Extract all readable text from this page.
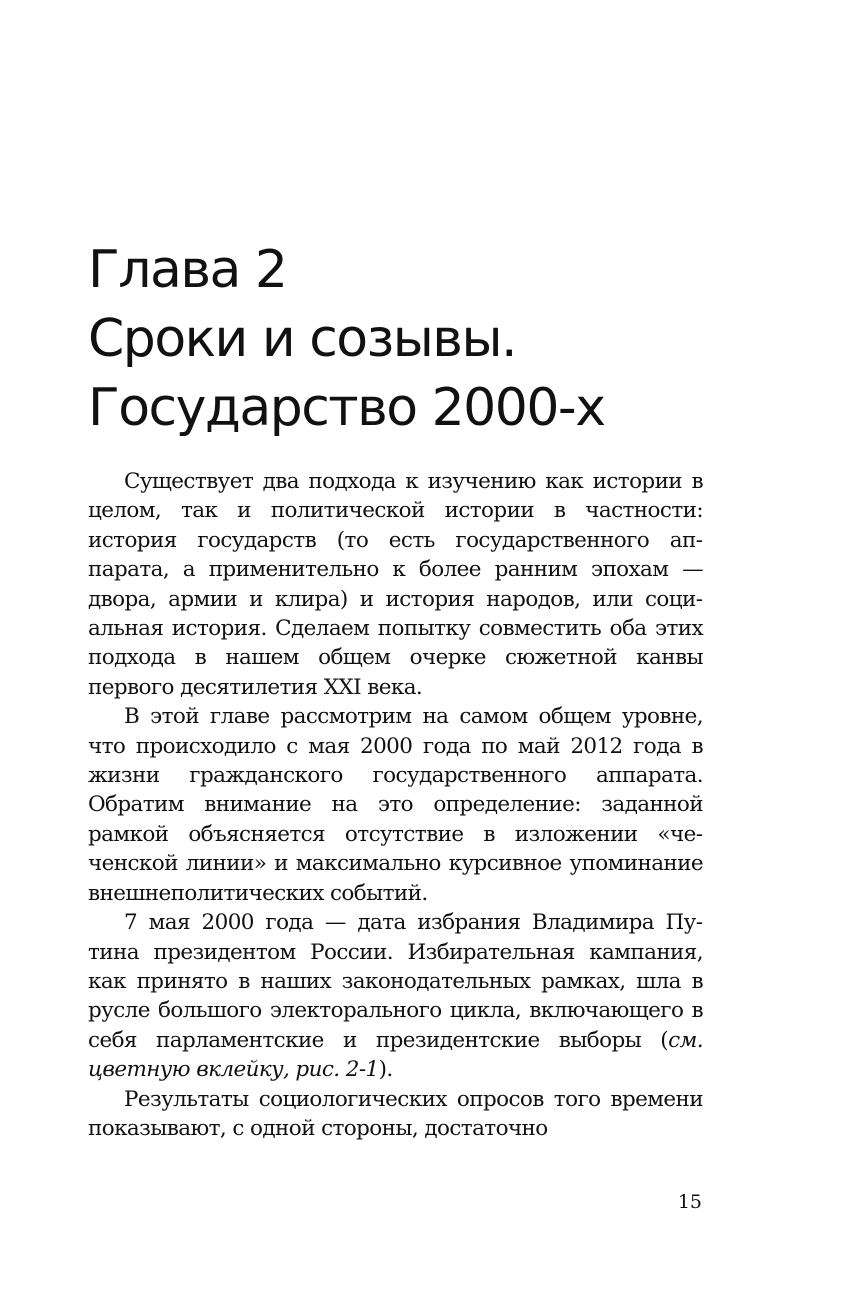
Глава 2
Сроки и созывы.
Государство 2000-х

Существует два подхода к изучению как истории в целом, так и политической истории в частности: история государств (то есть государственного аппарата, а применительно к более ранним эпохам — двора, армии и клира) и история народов, или социальная история. Сделаем попытку совместить оба этих подхода в нашем общем очерке сюжетной канвы первого десятилетия XXI века.

В этой главе рассмотрим на самом общем уровне, что происходило с мая 2000 года по май 2012 года в жизни гражданского государственного аппарата. Обратим внимание на это определение: заданной рамкой объясняется отсутствие в изложении «чеченской линии» и максимально курсивное упоминание внешнеполитических событий.

7 мая 2000 года — дата избрания Владимира Путина президентом России. Избирательная кампания, как принято в наших законодательных рамках, шла в русле большого электорального цикла, включающего в себя парламентские и президентские выборы (см. цветную вклейку, рис. 2-1).

Результаты социологических опросов того времени показывают, с одной стороны, достаточно

15
